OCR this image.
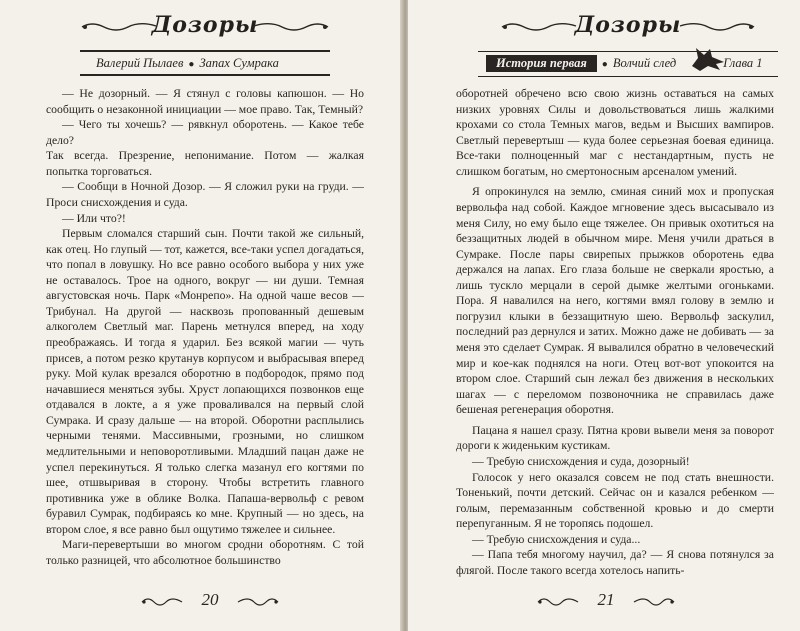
Дозоры
Валерий Пылаев ● Запах Сумрака

— Не дозорный. — Я стянул с головы капюшон. — Но сообщить о незаконной инициации — мое право. Так, Темный?

— Чего ты хочешь? — рявкнул оборотень. — Какое тебе дело?

Так всегда. Презрение, непонимание. Потом — жалкая попытка торговаться.

— Сообщи в Ночной Дозор. — Я сложил руки на груди. — Проси снисхождения и суда.

— Или что?!

Первым сломался старший сын. Почти такой же сильный, как отец. Но глупый — тот, кажется, все-таки успел догадаться, что попал в ловушку. Но все равно особого выбора у них уже не оставалось. Трое на одного, вокруг — ни души. Темная августовская ночь. Парк «Монрепо». На одной чаше весов — Трибунал. На другой — насквозь пропованный дешевым алкоголем Светлый маг. Парень метнулся вперед, на ходу преображаясь. И тогда я ударил. Без всякой магии — чуть присев, а потом резко крутанув корпусом и выбрасывая вперед руку. Мой кулак врезался оборотню в подбородок, прямо под начавшиеся меняться зубы. Хруст лопающихся позвонков еще отдавался в локте, а я уже проваливался на первый слой Сумрака. И сразу дальше — на второй. Оборотни расплылись черными тенями. Массивными, грозными, но слишком медлительными и неповоротливыми. Младший пацан даже не успел перекинуться. Я только слегка мазанул его когтями по шее, отшвыривая в сторону. Чтобы встретить главного противника уже в облике Волка. Папаша-вервольф с ревом буравил Сумрак, подбираясь ко мне. Крупный — но здесь, на втором слое, я все равно был ощутимо тяжелее и сильнее.

Маги-перевертыши во многом сродни оборотням. С той только разницей, что абсолютное большинство

20
Дозоры
История первая ● Волчий след	Глава 1

оборотней обречено всю свою жизнь оставаться на самых низких уровнях Силы и довольствоваться лишь жалкими крохами со стола Темных магов, ведьм и Высших вампиров. Светлый перевертыш — куда более серьезная боевая единица. Все-таки полноценный маг с нестандартным, пусть не слишком богатым, но смертоносным арсеналом умений.

Я опрокинулся на землю, сминая синий мох и пропуская вервольфа над собой. Каждое мгновение здесь высасывало из меня Силу, но ему было еще тяжелее. Он привык охотиться на беззащитных людей в обычном мире. Меня учили драться в Сумраке. После пары свирепых прыжков оборотень едва держался на лапах. Его глаза больше не сверкали яростью, а лишь тускло мерцали в серой дымке желтыми огоньками. Пора. Я навалился на него, когтями вмял голову в землю и погрузил клыки в беззащитную шею. Вервольф заскулил, последний раз дернулся и затих. Можно даже не добивать — за меня это сделает Сумрак. Я вывалился обратно в человеческий мир и кое-как поднялся на ноги. Отец вот-вот упокоится на втором слое. Старший сын лежал без движения в нескольких шагах — с переломом позвоночника не справилась даже бешеная регенерация оборотня.

Пацана я нашел сразу. Пятна крови вывели меня за поворот дороги к жиденьким кустикам.

— Требую снисхождения и суда, дозорный!

Голосок у него оказался совсем не под стать внешности. Тоненький, почти детский. Сейчас он и казался ребенком — голым, перемазанным собственной кровью и до смерти перепуганным. Я не торопясь подошел.

— Требую снисхождения и суда...

— Папа тебя многому научил, да? — Я снова потянулся за флягой. После такого всегда хотелось напить-

21
